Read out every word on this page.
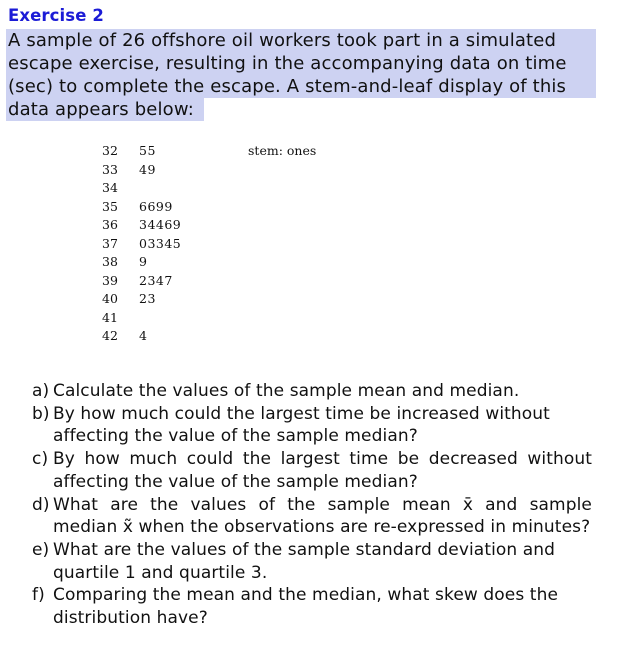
Exercise 2
A sample of 26 offshore oil workers took part in a simulated
escape exercise, resulting in the accompanying data on time
(sec) to complete the escape. A stem-and-leaf display of this
data appears below:
32 55
33 49
34
35 6699
36 34469
37 03345
38 9
39 2347
40 23
41
42 4
stem: ones
a) Calculate the values of the sample mean and median.
b) By how much could the largest time be increased without affecting the value of the sample median?
c) By how much could the largest time be decreased without affecting the value of the sample median?
d) What are the values of the sample mean x̄ and sample median x̃ when the observations are re-expressed in minutes?
e) What are the values of the sample standard deviation and quartile 1 and quartile 3.
f) Comparing the mean and the median, what skew does the distribution have?
